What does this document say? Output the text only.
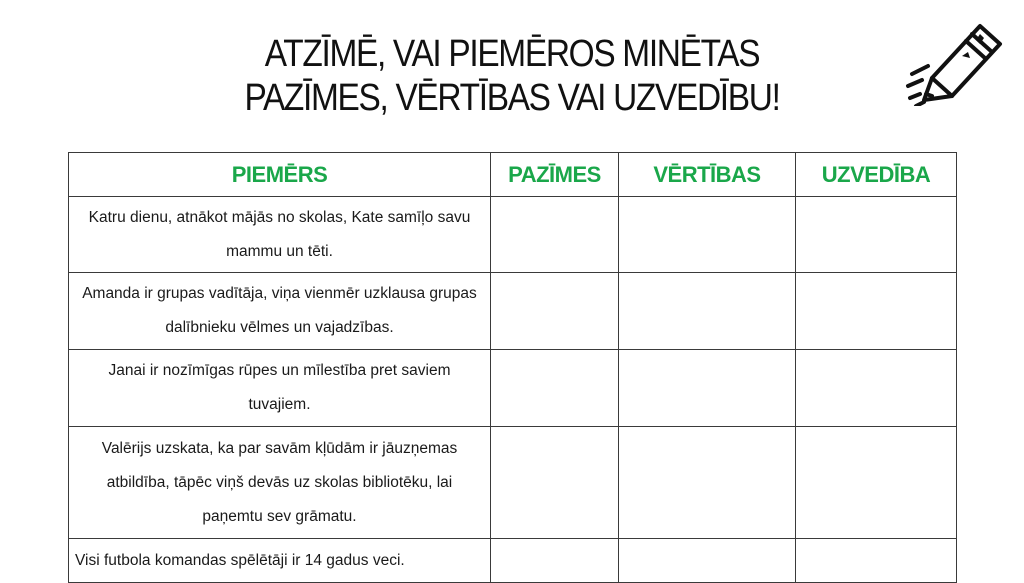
ATZĪMĒ, VAI PIEMĒROS MINĒTAS
PAZĪMES, VĒRTĪBAS VAI UZVEDĪBU!
PIEMĒRS	PAZĪMES	VĒRTĪBAS	UZVEDĪBA
Katru dienu, atnākot mājās no skolas, Kate samīļo savu mammu un tēti.			
Amanda ir grupas vadītāja, viņa vienmēr uzklausa grupas dalībnieku vēlmes un vajadzības.			
Janai ir nozīmīgas rūpes un mīlestība pret saviem tuvajiem.			
Valērijs uzskata, ka par savām kļūdām ir jāuzņemas atbildība, tāpēc viņš devās uz skolas bibliotēku, lai paņemtu sev grāmatu.			
Visi futbola komandas spēlētāji ir 14 gadus veci.			
